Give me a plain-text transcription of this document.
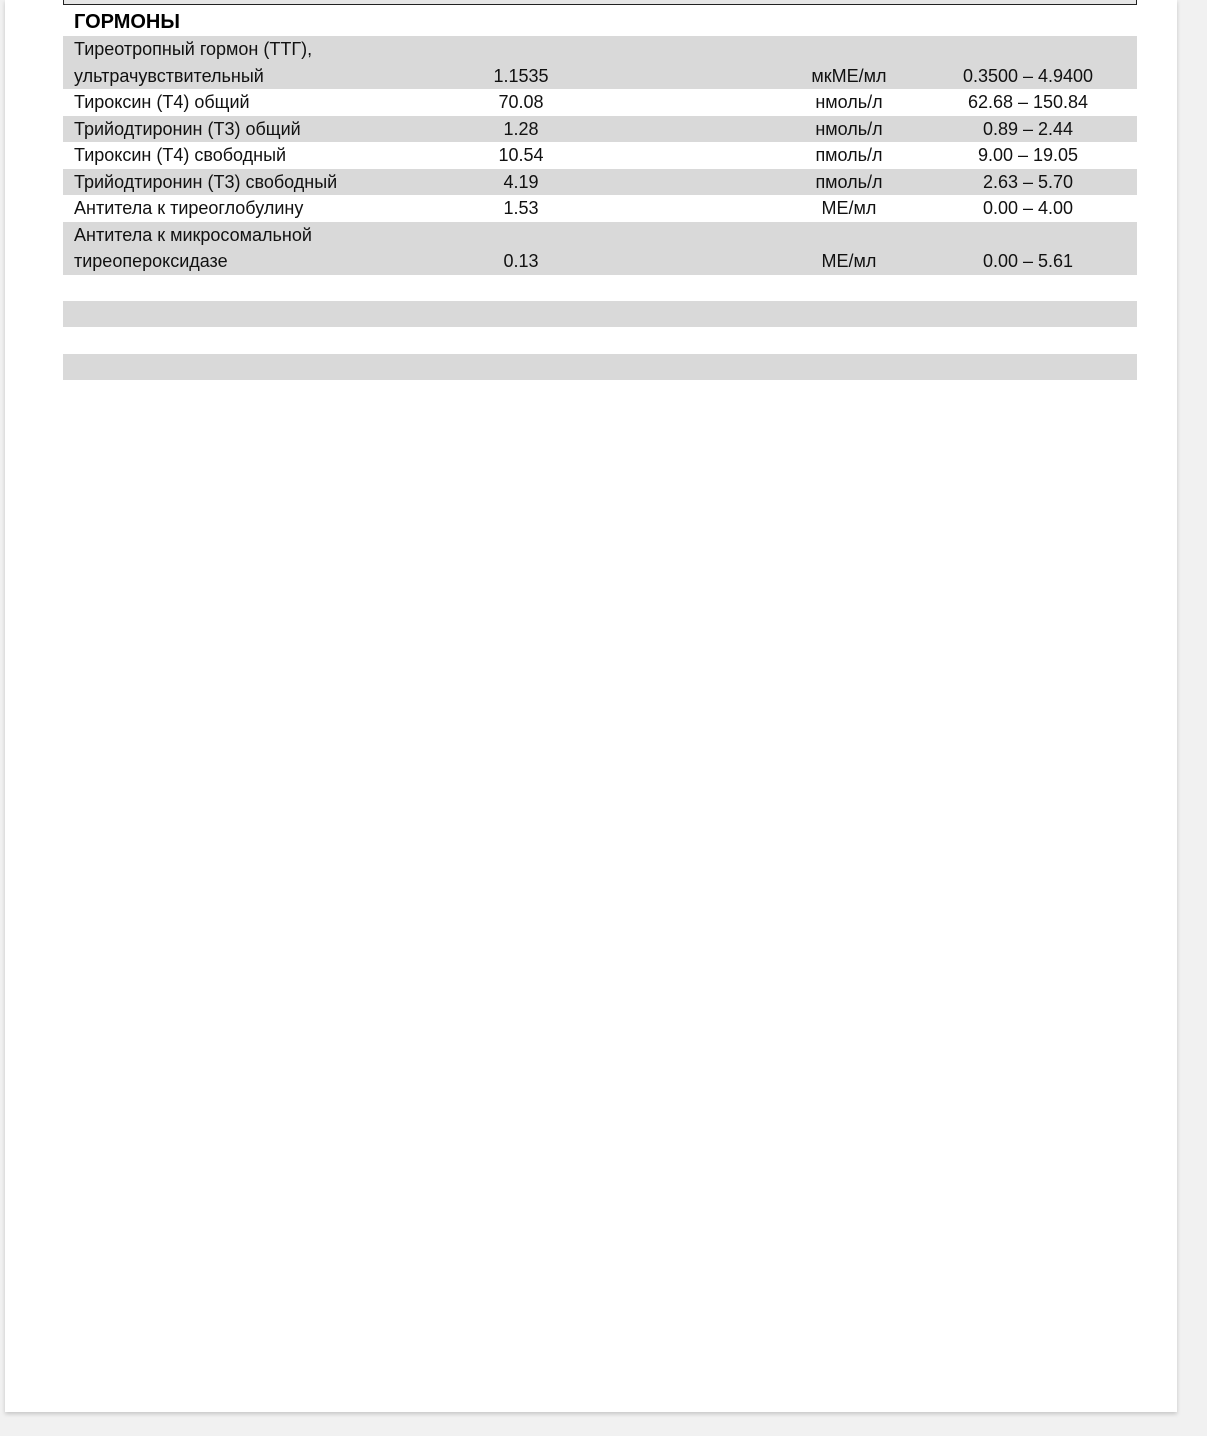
ГОРМОНЫ
Тиреотропный гормон (ТТГ),
ультрачувствительный	1.1535	мкМЕ/мл	0.3500 – 4.9400
Тироксин (Т4) общий	70.08	нмоль/л	62.68 – 150.84
Трийодтиронин (Т3) общий	1.28	нмоль/л	0.89 – 2.44
Тироксин (Т4) свободный	10.54	пмоль/л	9.00 – 19.05
Трийодтиронин (Т3) свободный	4.19	пмоль/л	2.63 – 5.70
Антитела к тиреоглобулину	1.53	МЕ/мл	0.00 – 4.00
Антитела к микросомальной
тиреопероксидазе	0.13	МЕ/мл	0.00 – 5.61
